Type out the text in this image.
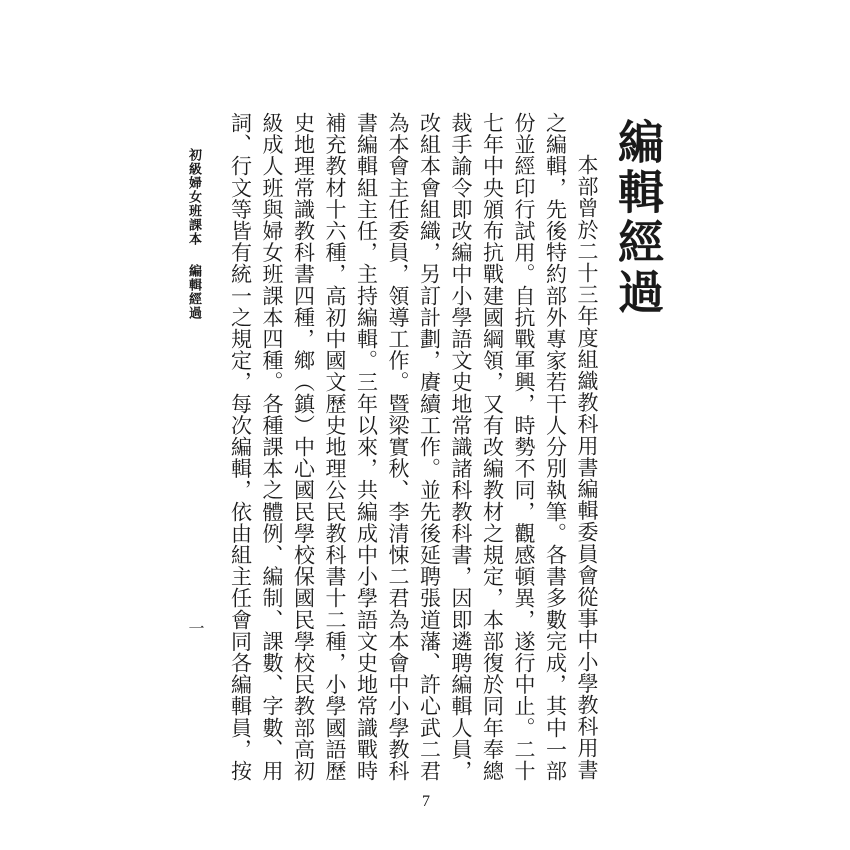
編輯經過

本部曾於二十三年度組織教科用書編輯委員會從事中小學教科用書之編輯，先後特約部外專家若干人分別執筆。各書多數完成，其中一部份並經印行試用。自抗戰軍興，時勢不同，觀感頓異，遂行中止。二十七年中央頒布抗戰建國綱領，又有改編教材之規定，本部復於同年奉總裁手諭令即改編中小學語文史地常識諸科教科書，因即遴聘編輯人員，改組本會組織，另訂計劃，賡續工作。並先後延聘張道藩、許心武二君為本會主任委員，領導工作。暨梁實秋、李清悚二君為本會中小學教科書編輯組主任，主持編輯。三年以來，共編成中小學語文史地常識戰時補充教材十六種，高初中國文歷史地理公民教科書十二種，小學國語歷史地理常識教科書四種，鄉（鎮）中心國民學校保國民學校民教部高初級成人班與婦女班課本四種。各種課本之體例、編制、課數、字數、用詞、行文等皆有統一之規定，每次編輯，依由組主任會同各編輯員，按

初級婦女班課本編輯經過
一
7
